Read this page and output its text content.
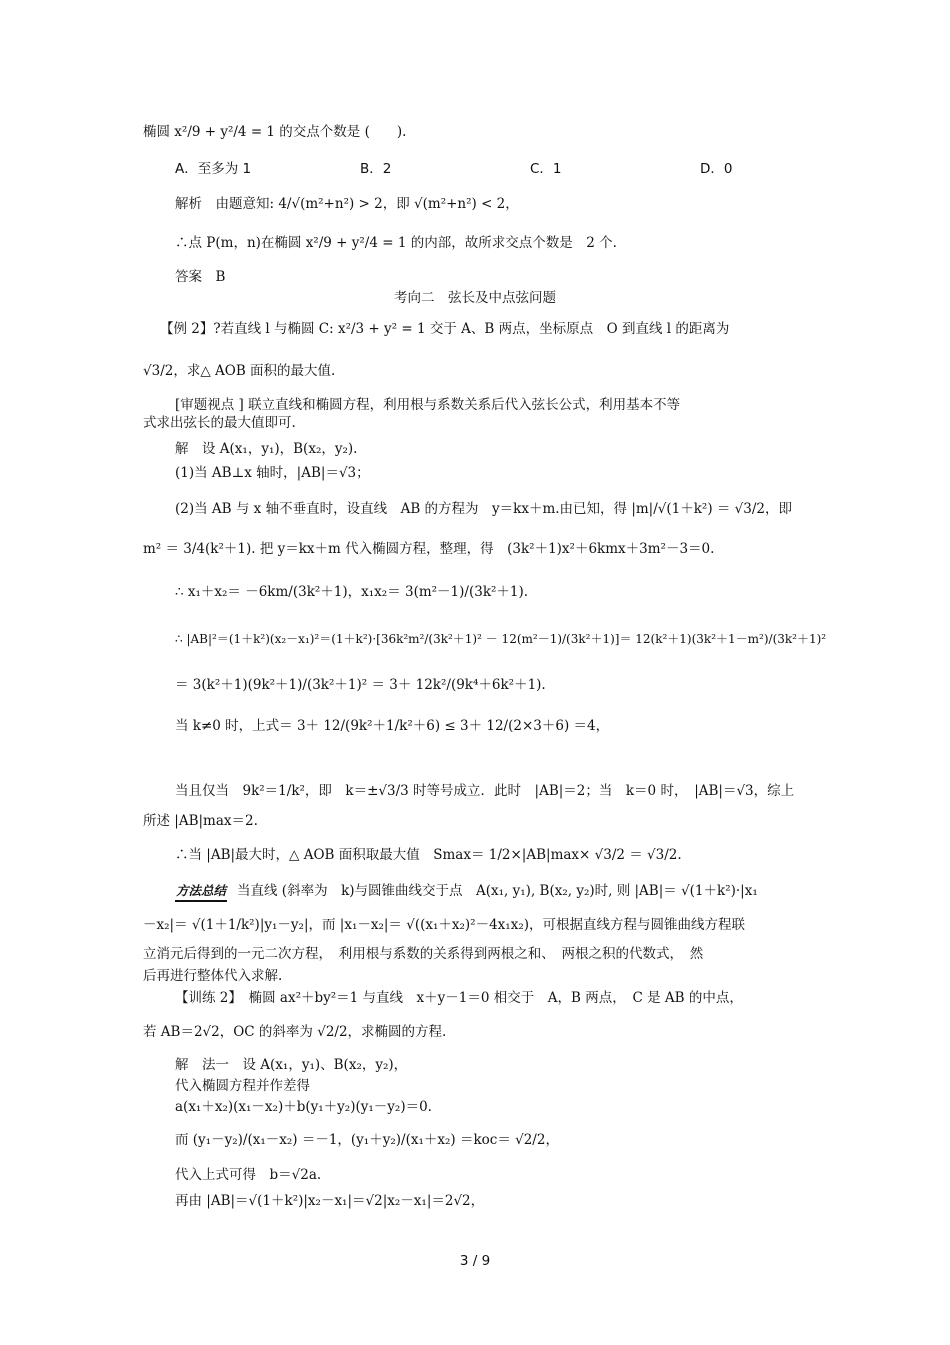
椭圆 x²/9 + y²/4 = 1 的交点个数是 (　　).
A．至多为 1	B．2	C．1	D．0
解析　由题意知: 4/√(m²+n²) > 2，即 √(m²+n²) < 2，
∴点 P(m，n)在椭圆 x²/9 + y²/4 = 1 的内部，故所求交点个数是　2 个.
答案　B
考向二　弦长及中点弦问题
【例 2】?若直线 l 与椭圆 C: x²/3 + y² = 1 交于 A、B 两点，坐标原点　O 到直线 l 的距离为
√3/2，求△ AOB 面积的最大值.
[审题视点 ] 联立直线和椭圆方程，利用根与系数关系后代入弦长公式，利用基本不等
式求出弦长的最大值即可.
解　设 A(x₁，y₁)，B(x₂，y₂).
(1)当 AB⊥x 轴时，|AB|＝√3；
(2)当 AB 与 x 轴不垂直时，设直线　AB 的方程为　y＝kx＋m.由已知，得 |m|/√(1＋k²) ＝ √3/2，即
m² ＝ 3/4(k²＋1). 把 y＝kx＋m 代入椭圆方程，整理，得　(3k²＋1)x²＋6kmx＋3m²－3＝0.
∴ x₁＋x₂＝ －6km/(3k²＋1)，x₁x₂＝ 3(m²－1)/(3k²＋1).
∴ |AB|²＝(1＋k²)(x₂－x₁)²＝(1＋k²)·[36k²m²/(3k²＋1)² － 12(m²－1)/(3k²＋1)]＝ 12(k²＋1)(3k²＋1－m²)/(3k²＋1)²
＝ 3(k²＋1)(9k²＋1)/(3k²＋1)² ＝ 3＋ 12k²/(9k⁴＋6k²＋1).
当 k≠0 时，上式＝ 3＋ 12/(9k²＋1/k²＋6) ≤ 3＋ 12/(2×3＋6) ＝4，
当且仅当　9k²＝1/k²，即　k＝±√3/3 时等号成立．此时　|AB|＝2；当　k＝0 时，　|AB|＝√3，综上
所述 |AB|max＝2.
∴当 |AB|最大时，△ AOB 面积取最大值　Smax＝ 1/2×|AB|max× √3/2 ＝ √3/2.
方法总结 当直线 (斜率为　k)与圆锥曲线交于点　A(x₁, y₁), B(x₂, y₂)时, 则 |AB|＝ √(1＋k²)·|x₁
－x₂|＝ √(1＋1/k²)|y₁－y₂|，而 |x₁－x₂|＝ √((x₁＋x₂)²－4x₁x₂)，可根据直线方程与圆锥曲线方程联
立消元后得到的一元二次方程，　利用根与系数的关系得到两根之和、　两根之积的代数式，　然
后再进行整体代入求解.
【训练 2】　椭圆 ax²＋by²＝1 与直线　x＋y－1＝0 相交于　A，B 两点，　C 是 AB 的中点，
若 AB＝2√2，OC 的斜率为 √2/2，求椭圆的方程.
解　法一　设 A(x₁，y₁)、B(x₂，y₂)，
代入椭圆方程并作差得
a(x₁＋x₂)(x₁－x₂)＋b(y₁＋y₂)(y₁－y₂)＝0.
而 (y₁－y₂)/(x₁－x₂) ＝－1，(y₁＋y₂)/(x₁＋x₂) ＝koc＝ √2/2，
代入上式可得　b＝√2a.
再由 |AB|＝√(1＋k²)|x₂－x₁|＝√2|x₂－x₁|＝2√2，
3 / 9
